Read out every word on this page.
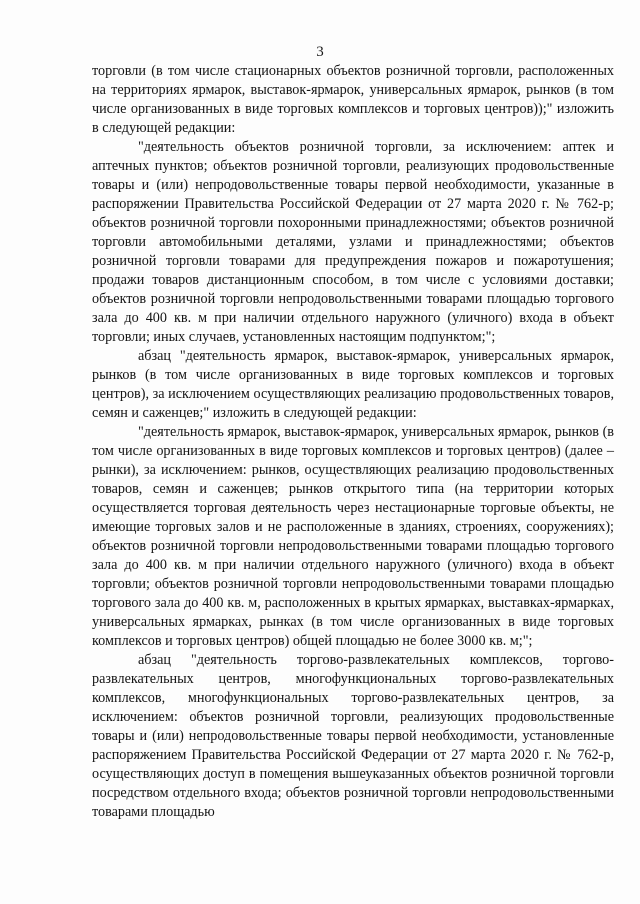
3

торговли (в том числе стационарных объектов розничной торговли, расположенных на территориях ярмарок, выставок-ярмарок, универсальных ярмарок, рынков (в том числе организованных в виде торговых комплексов и торговых центров));" изложить в следующей редакции:

"деятельность объектов розничной торговли, за исключением: аптек и аптечных пунктов; объектов розничной торговли, реализующих продовольственные товары и (или) непродовольственные товары первой необходимости, указанные в распоряжении Правительства Российской Федерации от 27 марта 2020 г. № 762-р; объектов розничной торговли похоронными принадлежностями; объектов розничной торговли автомобильными деталями, узлами и принадлежностями; объектов розничной торговли товарами для предупреждения пожаров и пожаротушения; продажи товаров дистанционным способом, в том числе с условиями доставки; объектов розничной торговли непродовольственными товарами площадью торгового зала до 400 кв. м при наличии отдельного наружного (уличного) входа в объект торговли; иных случаев, установленных настоящим подпунктом;";

абзац "деятельность ярмарок, выставок-ярмарок, универсальных ярмарок, рынков (в том числе организованных в виде торговых комплексов и торговых центров), за исключением осуществляющих реализацию продовольственных товаров, семян и саженцев;" изложить в следующей редакции:

"деятельность ярмарок, выставок-ярмарок, универсальных ярмарок, рынков (в том числе организованных в виде торговых комплексов и торговых центров) (далее – рынки), за исключением: рынков, осуществляющих реализацию продовольственных товаров, семян и саженцев; рынков открытого типа (на территории которых осуществляется торговая деятельность через нестационарные торговые объекты, не имеющие торговых залов и не расположенные в зданиях, строениях, сооружениях); объектов розничной торговли непродовольственными товарами площадью торгового зала до 400 кв. м при наличии отдельного наружного (уличного) входа в объект торговли; объектов розничной торговли непродовольственными товарами площадью торгового зала до 400 кв. м, расположенных в крытых ярмарках, выставках-ярмарках, универсальных ярмарках, рынках (в том числе организованных в виде торговых комплексов и торговых центров) общей площадью не более 3000 кв. м;";

абзац "деятельность торгово-развлекательных комплексов, торгово-развлекательных центров, многофункциональных торгово-развлекательных комплексов, многофункциональных торгово-развлекательных центров, за исключением: объектов розничной торговли, реализующих продовольственные товары и (или) непродовольственные товары первой необходимости, установленные распоряжением Правительства Российской Федерации от 27 марта 2020 г. № 762-р, осуществляющих доступ в помещения вышеуказанных объектов розничной торговли посредством отдельного входа; объектов розничной торговли непродовольственными товарами площадью
